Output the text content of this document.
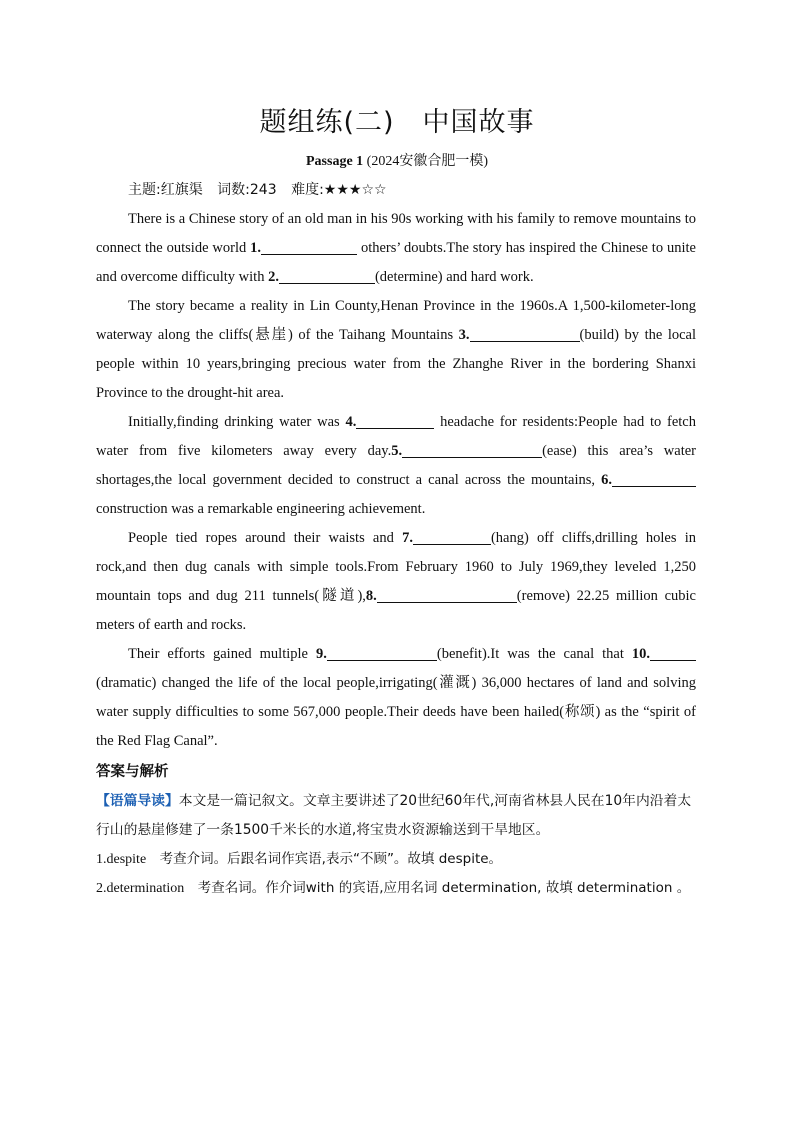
题组练(二)　中国故事
Passage 1 (2024安徽合肥一模)
主题:红旗渠 词数:243 难度:★★★☆☆

There is a Chinese story of an old man in his 90s working with his family to remove mountains to connect the outside world 1.	others’ doubts.The story has inspired the Chinese to unite and overcome difficulty with 2.	(determine) and hard work.

The story became a reality in Lin County,Henan Province in the 1960s.A 1,500-kilometer-long waterway along the cliffs(悬崖) of the Taihang Mountains 3.	(build) by the local people within 10 years,bringing precious water from the Zhanghe River in the bordering Shanxi Province to the drought-hit area.

Initially,finding drinking water was 4.	headache for residents:People had to fetch water from five kilometers away every day.5.	(ease) this area’s water shortages,the local government decided to construct a canal across the mountains, 6. construction was a remarkable engineering achievement.

People tied ropes around their waists and 7.	(hang) off cliffs,drilling holes in rock,and then dug canals with simple tools.From February 1960 to July 1969,they leveled 1,250 mountain tops and dug 211 tunnels(隧道),8.	(remove) 22.25 million cubic meters of earth and rocks.

Their efforts gained multiple 9.	(benefit).It was the canal that 10.(dramatic) changed the life of the local people,irrigating(灌溉) 36,000 hectares of land and solving water supply difficulties to some 567,000 people.Their deeds have been hailed(称颂) as the “spirit of the Red Flag Canal”.

答案与解析

【语篇导读】本文是一篇记叙文。文章主要讲述了20世纪60年代,河南省林县人民在10年内沿着太行山的悬崖修建了一条1500千米长的水道,将宝贵水资源输送到干旱地区。

1.despite　考查介词。后跟名词作宾语,表示“不顾”。故填 despite。

2.determination　考查名词。作介词with 的宾语,应用名词 determination, 故填 determination 。
